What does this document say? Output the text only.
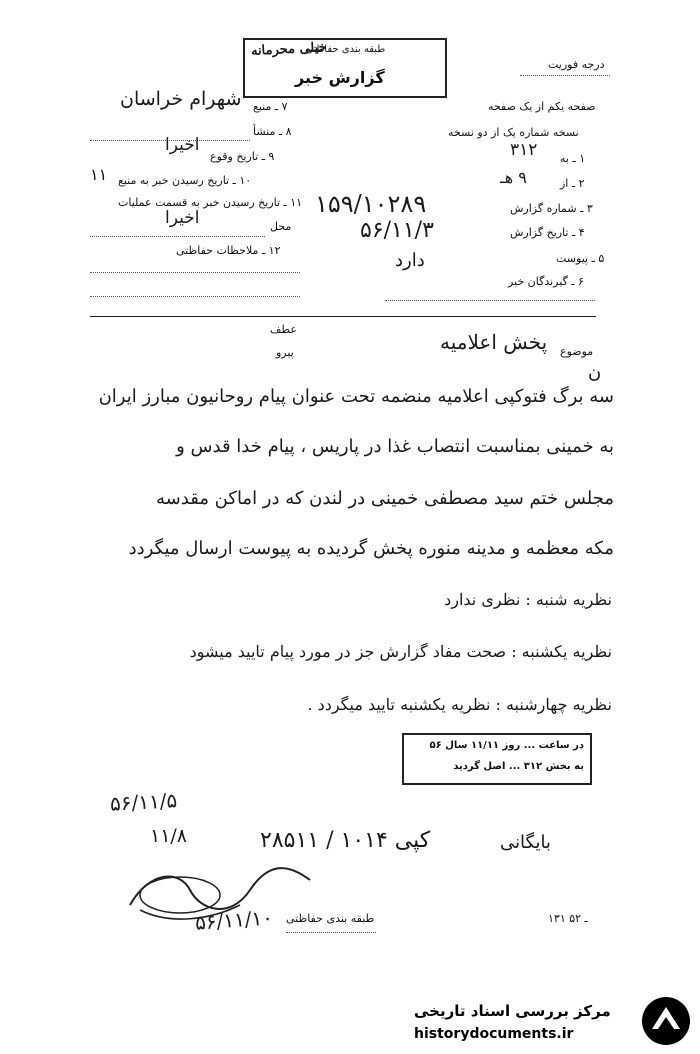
طبقه بندی حفاظتی
خیلی محرمانه
گزارش خبر
درجه فوریت
۷ ـ منبع
شهرام خراسان
۸ ـ منشأ
۹ ـ تاریخ وقوع
اخیرا
۱۰ ـ تاریخ رسیدن خبر به منبع
۱۱
۱۱ ـ تاریخ رسیدن خبر به قسمت عملیات
اخیرا	محل
۱۲ ـ ملاحظات حفاظتی
صفحه یکم از یک صفحه
نسخه شماره یک از دو نسخه
۱ ـ به
۳۱۲
۲ ـ از
۹ هـ
۳ ـ شماره گزارش
۱۵۹/۱۰۲۸۹
۴ ـ تاریخ گزارش
۵۶/۱۱/۳
۵ ـ پیوست
دارد
۶ ـ گیرندگان خبر
عطف
پیرو	موضوع
پخش اعلامیه
ن
سه برگ فتوکپی اعلامیه منضمه تحت عنوان پیام روحانیون مبارز ایران
به خمینی بمناسبت انتصاب غذا در پاریس ، پیام خدا قدس و
مجلس ختم سید مصطفی خمینی در لندن که در اماکن مقدسه
مکه معظمه و مدینه منوره پخش گردیده به پیوست ارسال میگردد
نظریه شنبه : نظری ندارد
نظریه یکشنبه : صحت مفاد گزارش جز در مورد پیام تایید میشود
نظریه چهارشنبه : نظریه یکشنبه تایید میگردد .
در ساعت ... روز ۱۱/۱۱ سال ۵۶
به بخش ۳۱۲ ... اصل گردید
۵۶/۱۱/۵
۱۱/۸	کپی ۱۰۱۴ / ۲۸۵۱۱	بایگانی
۵۶/۱۱/۱۰ طبقه بندی حفاظتی	۱۳۱ ـ ۵۲
مرکز بررسی اسناد تاریخی
historydocuments.ir
